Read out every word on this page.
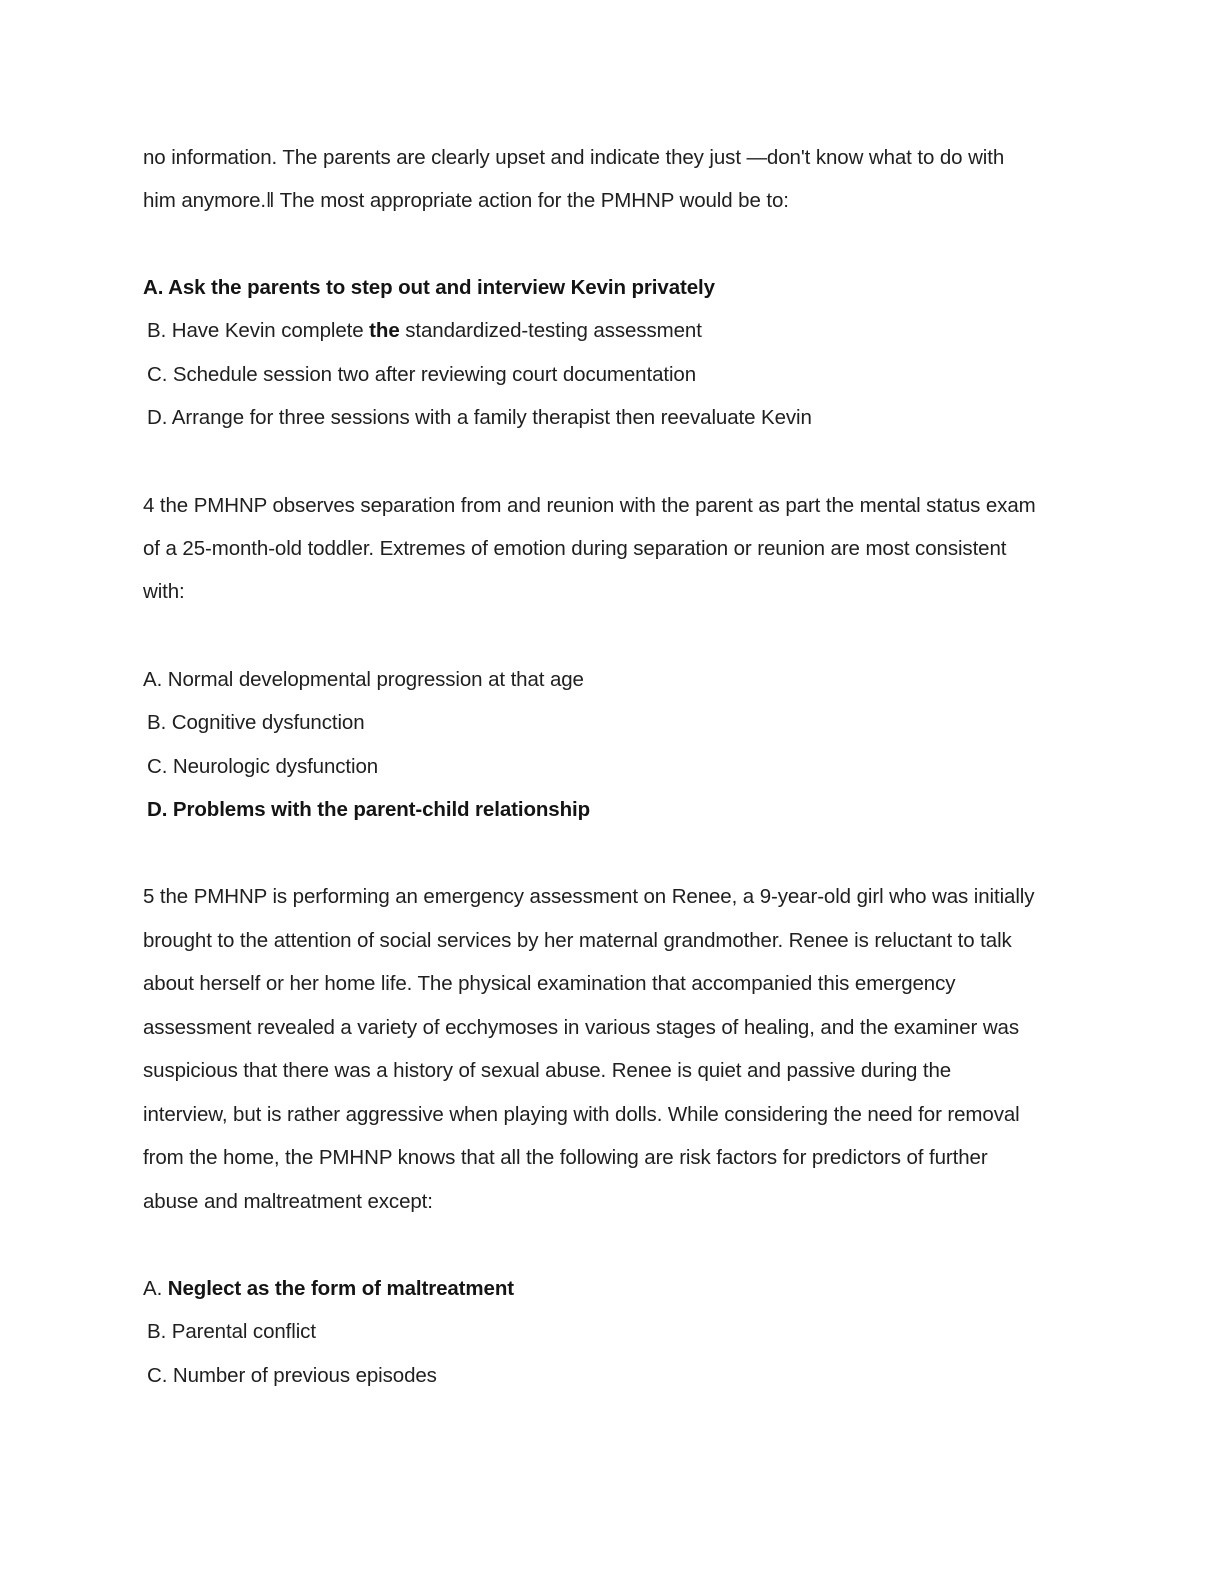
no information. The parents are clearly upset and indicate they just —don't know what to do with
him anymore.‖ The most appropriate action for the PMHNP would be to:
A. Ask the parents to step out and interview Kevin privately
B. Have Kevin complete the standardized-testing assessment
C. Schedule session two after reviewing court documentation
D. Arrange for three sessions with a family therapist then reevaluate Kevin
4 the PMHNP observes separation from and reunion with the parent as part the mental status exam
of a 25-month-old toddler. Extremes of emotion during separation or reunion are most consistent
with:
A. Normal developmental progression at that age
B. Cognitive dysfunction
C. Neurologic dysfunction
D. Problems with the parent-child relationship
5 the PMHNP is performing an emergency assessment on Renee, a 9-year-old girl who was initially
brought to the attention of social services by her maternal grandmother. Renee is reluctant to talk
about herself or her home life. The physical examination that accompanied this emergency
assessment revealed a variety of ecchymoses in various stages of healing, and the examiner was
suspicious that there was a history of sexual abuse. Renee is quiet and passive during the
interview, but is rather aggressive when playing with dolls. While considering the need for removal
from the home, the PMHNP knows that all the following are risk factors for predictors of further
abuse and maltreatment except:
A. Neglect as the form of maltreatment
B. Parental conflict
C. Number of previous episodes
